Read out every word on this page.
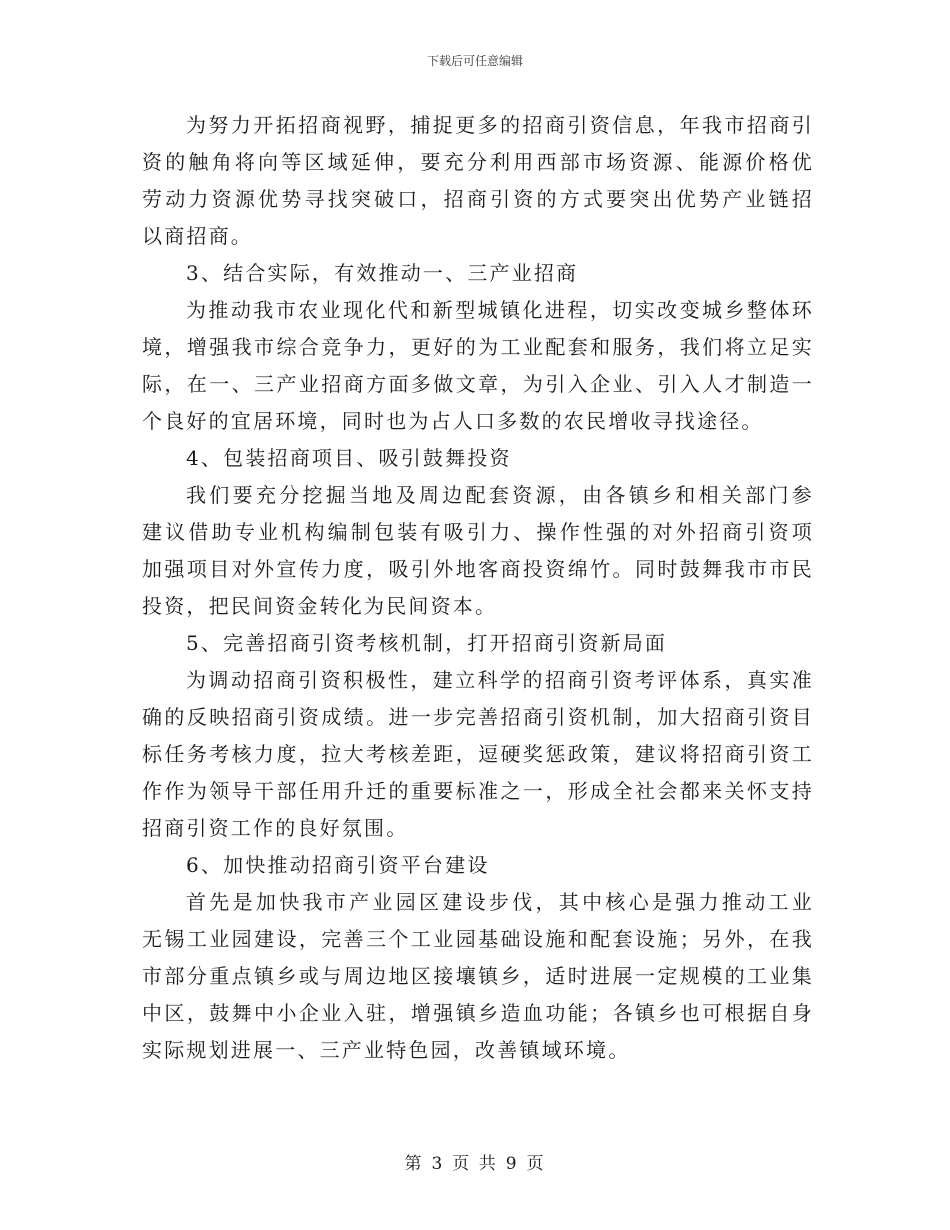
下载后可任意编辑
为努力开拓招商视野，捕捉更多的招商引资信息，年我市招商引
资的触角将向等区域延伸，要充分利用西部市场资源、能源价格优
劳动力资源优势寻找突破口，招商引资的方式要突出优势产业链招
以商招商。
3、结合实际，有效推动一、三产业招商
为推动我市农业现化代和新型城镇化进程，切实改变城乡整体环
境，增强我市综合竞争力，更好的为工业配套和服务，我们将立足实
际，在一、三产业招商方面多做文章，为引入企业、引入人才制造一
个良好的宜居环境，同时也为占人口多数的农民增收寻找途径。
4、包装招商项目、吸引鼓舞投资
我们要充分挖掘当地及周边配套资源，由各镇乡和相关部门参
建议借助专业机构编制包装有吸引力、操作性强的对外招商引资项
加强项目对外宣传力度，吸引外地客商投资绵竹。同时鼓舞我市市民
投资，把民间资金转化为民间资本。
5、完善招商引资考核机制，打开招商引资新局面
为调动招商引资积极性，建立科学的招商引资考评体系，真实准
确的反映招商引资成绩。进一步完善招商引资机制，加大招商引资目
标任务考核力度，拉大考核差距，逗硬奖惩政策，建议将招商引资工
作作为领导干部任用升迁的重要标准之一，形成全社会都来关怀支持
招商引资工作的良好氛围。
6、加快推动招商引资平台建设
首先是加快我市产业园区建设步伐，其中核心是强力推动工业
无锡工业园建设，完善三个工业园基础设施和配套设施；另外，在我
市部分重点镇乡或与周边地区接壤镇乡，适时进展一定规模的工业集
中区，鼓舞中小企业入驻，增强镇乡造血功能；各镇乡也可根据自身
实际规划进展一、三产业特色园，改善镇域环境。
第 3 页 共 9 页
